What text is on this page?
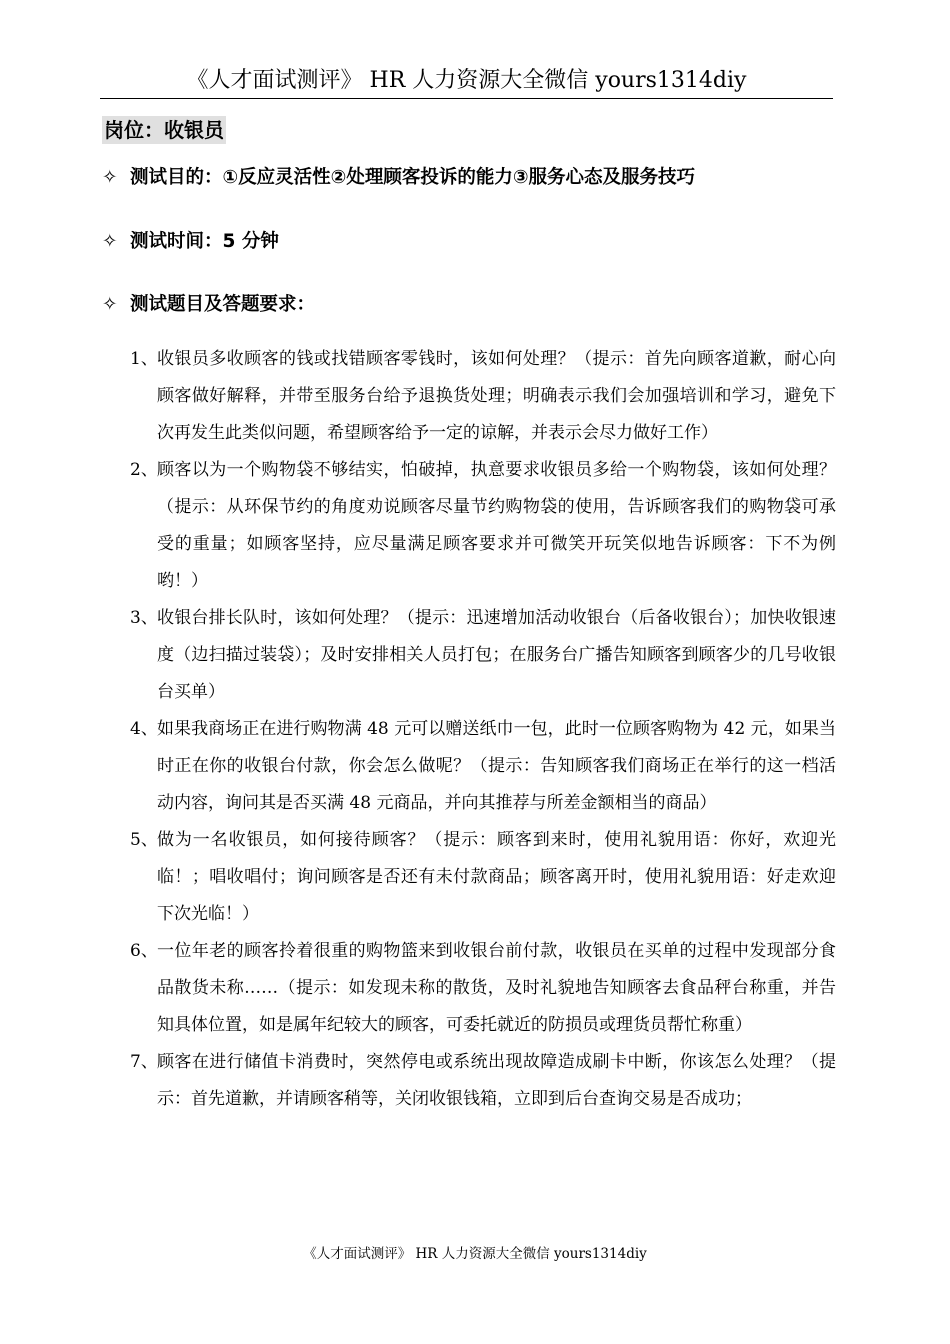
《人才面试测评》 HR 人力资源大全微信 yours1314diy
岗位：收银员
✧ 测试目的：①反应灵活性②处理顾客投诉的能力③服务心态及服务技巧
✧ 测试时间：5 分钟
✧ 测试题目及答题要求：
1、 收银员多收顾客的钱或找错顾客零钱时，该如何处理？（提示：首先向顾客道歉，耐心向顾客做好解释，并带至服务台给予退换货处理；明确表示我们会加强培训和学习，避免下次再发生此类似问题，希望顾客给予一定的谅解，并表示会尽力做好工作）
2、 顾客以为一个购物袋不够结实，怕破掉，执意要求收银员多给一个购物袋，该如何处理？（提示：从环保节约的角度劝说顾客尽量节约购物袋的使用，告诉顾客我们的购物袋可承受的重量；如顾客坚持，应尽量满足顾客要求并可微笑开玩笑似地告诉顾客：下不为例哟！）
3、 收银台排长队时，该如何处理？（提示：迅速增加活动收银台（后备收银台）；加快收银速度（边扫描过装袋）；及时安排相关人员打包；在服务台广播告知顾客到顾客少的几号收银台买单）
4、 如果我商场正在进行购物满 48 元可以赠送纸巾一包，此时一位顾客购物为 42 元，如果当时正在你的收银台付款，你会怎么做呢？（提示：告知顾客我们商场正在举行的这一档活动内容，询问其是否买满 48 元商品，并向其推荐与所差金额相当的商品）
5、 做为一名收银员，如何接待顾客？（提示：顾客到来时，使用礼貌用语：你好，欢迎光临！；唱收唱付；询问顾客是否还有未付款商品；顾客离开时，使用礼貌用语：好走欢迎下次光临！）
6、 一位年老的顾客拎着很重的购物篮来到收银台前付款，收银员在买单的过程中发现部分食品散货未称……（提示：如发现未称的散货，及时礼貌地告知顾客去食品秤台称重，并告知具体位置，如是属年纪较大的顾客，可委托就近的防损员或理货员帮忙称重）
7、 顾客在进行储值卡消费时，突然停电或系统出现故障造成刷卡中断，你该怎么处理？（提示：首先道歉，并请顾客稍等，关闭收银钱箱，立即到后台查询交易是否成功；
《人才面试测评》 HR 人力资源大全微信 yours1314diy
